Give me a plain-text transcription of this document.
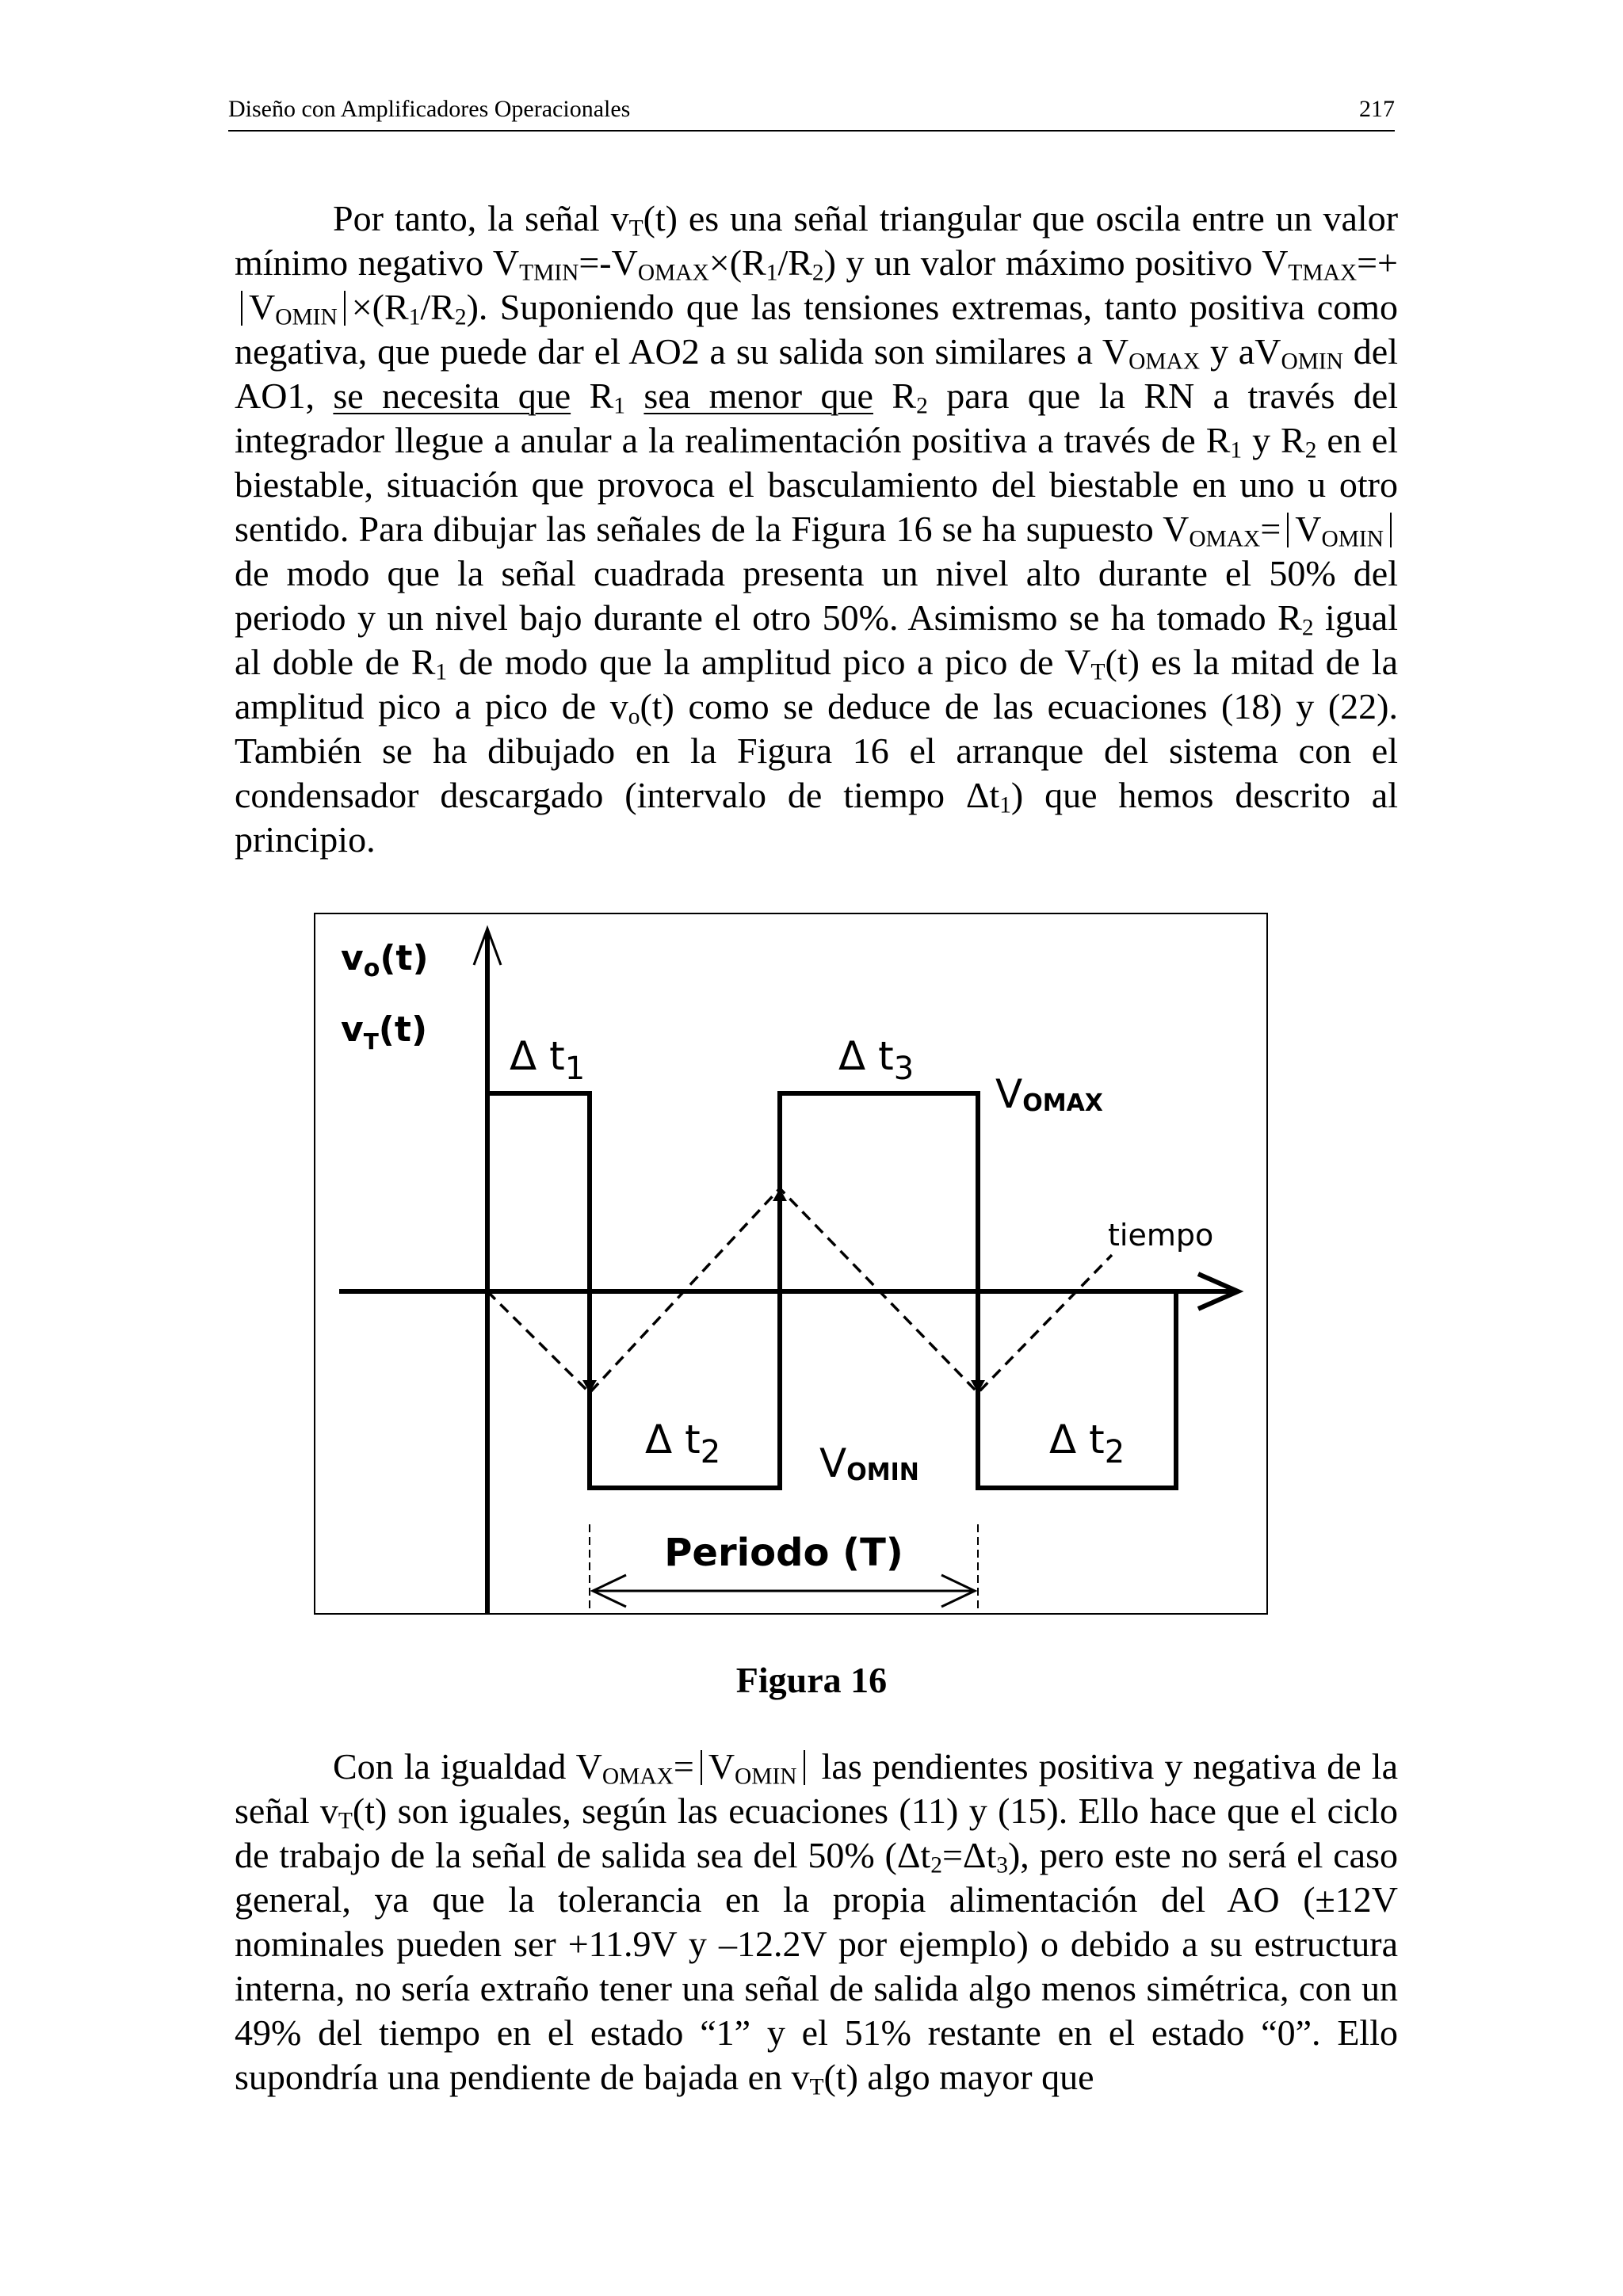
Diseño con Amplificadores Operacionales	217
Por tanto, la señal $v_T(t)$ es una señal triangular que oscila entre un valor mínimo negativo $V_{TMIN}=-V_{OMAX}\times(R_1/R_2)$ y un valor máximo positivo $V_{TMAX}=+V_{OMIN} \times(R_1/R_2)$. Suponiendo que las tensiones extremas, tanto positiva como negativa, que puede dar el AO2 a su salida son similares a $V_{OMAX}$ y $aV_{OMIN}$ del AO1, se necesita que $R_1$ sea menor que $R_2$ para que la RN a través del integrador llegue a anular a la realimentación positiva a través de $R_1$ y $R_2$ en el biestable, situación que provoca el basculamiento del biestable en uno u otro sentido. Para dibujar las señales de la Figura 16 se ha supuesto $V_{OMAX}= V_{OMIN}$ de modo que la señal cuadrada presenta un nivel alto durante el 50% del periodo y un nivel bajo durante el otro 50%. Asimismo se ha tomado $R_2$ igual al doble de $R_1$ de modo que la amplitud pico a pico de $V_T(t)$ es la mitad de la amplitud pico a pico de $v_o(t)$ como se deduce de las ecuaciones (18) y (22). También se ha dibujado en la Figura 16 el arranque del sistema con el condensador descargado (intervalo de tiempo $\Delta t_1$) que hemos descrito al principio.
vo(t)
$v_T(t)$
Δ $t_1$	Δ $t_3$
Δ $t_2$	Δ $t_2$
VOMAX
VOMIN
tiempo
Periodo (T)
Figura 16
Con la igualdad $V_{OMAX}= V_{OMIN}$ las pendientes positiva y negativa de la señal $v_T(t)$ son iguales, según las ecuaciones (11) y (15). Ello hace que el ciclo de trabajo de la señal de salida sea del 50% $(\Delta t_2=\Delta t_3)$, pero este no será el caso general, ya que la tolerancia en la propia alimentación del AO (±12V nominales pueden ser +11.9V y –12.2V por ejemplo) o debido a su estructura interna, no sería extraño tener una señal de salida algo menos simétrica, con un 49% del tiempo en el estado “1” y el 51% restante en el estado “0”. Ello supondría una pendiente de bajada en $v_T(t)$ algo mayor que
